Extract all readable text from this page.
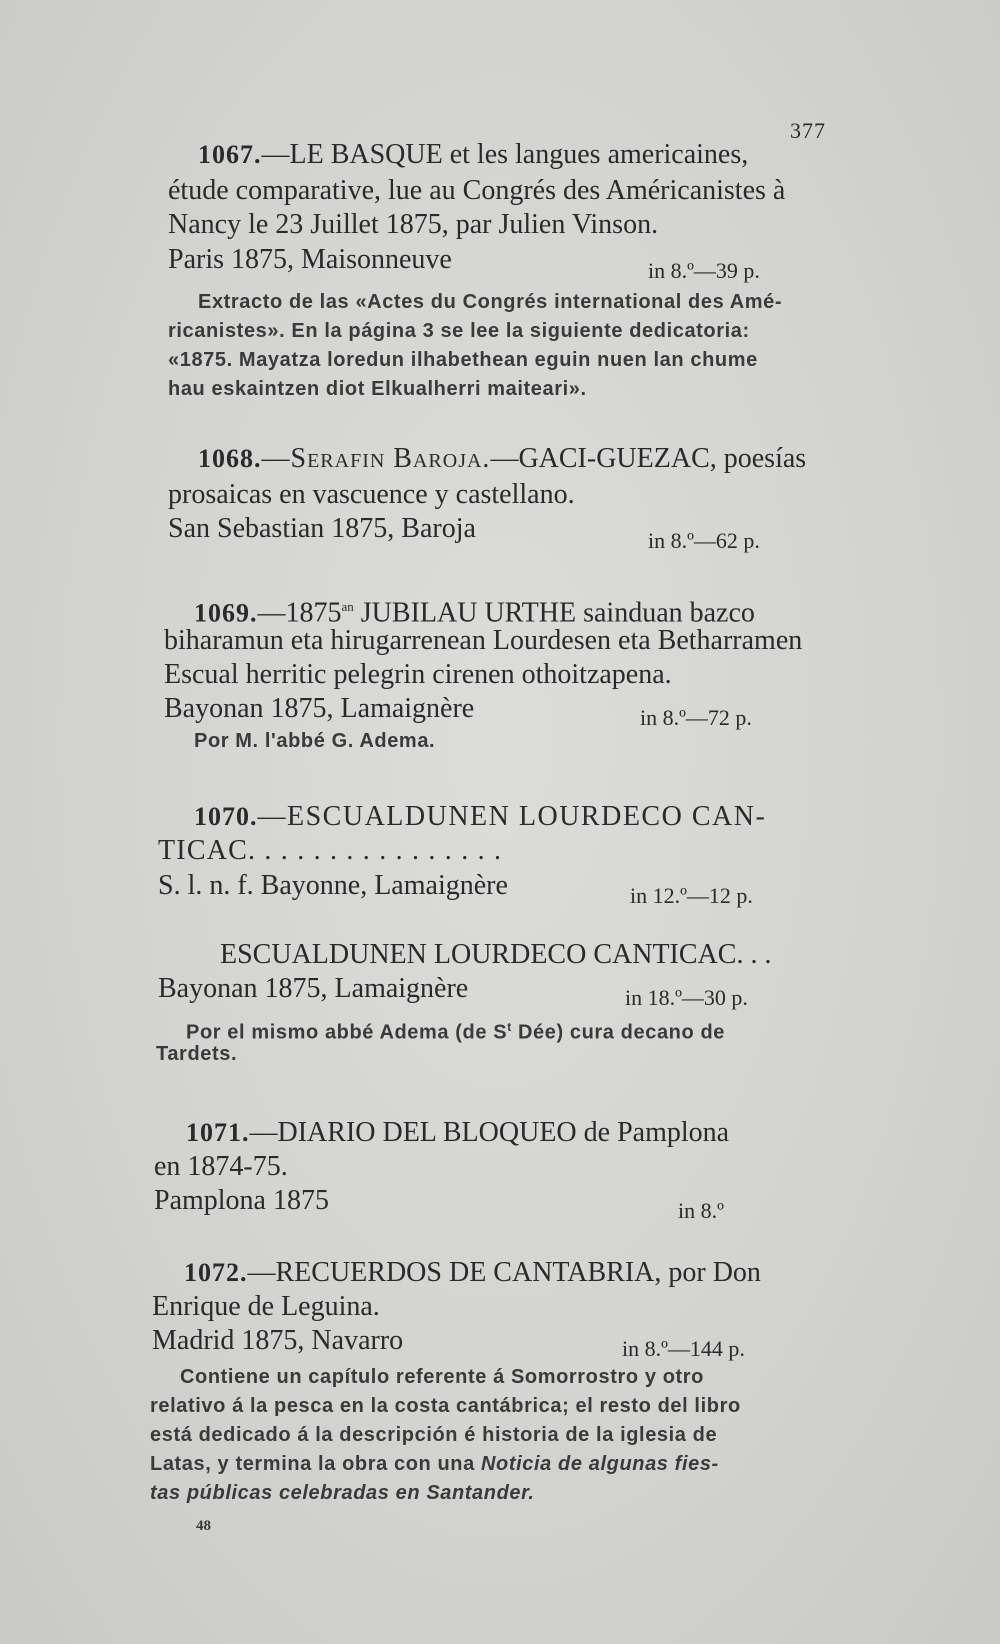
377
1067.—LE BASQUE et les langues americaines,
étude comparative, lue au Congrés des Américanistes à
Nancy le 23 Juillet 1875, par Julien Vinson.
Paris 1875, Maisonneuve	in 8.º—39 p.
Extracto de las «Actes du Congrés international des Amé-
ricanistes». En la página 3 se lee la siguiente dedicatoria:
«1875. Mayatza loredun ilhabethean eguin nuen lan chume
hau eskaintzen diot Elkualherri maiteari».
1068.—Serafin Baroja.—GACI-GUEZAC, poesías
prosaicas en vascuence y castellano.
San Sebastian 1875, Baroja	in 8.º—62 p.
$1069.—1875^{an}$ JUBILAU URTHE sainduan bazco
biharamun eta hirugarrenean Lourdesen eta Betharramen
Escual herritic pelegrin cirenen othoitzapena.
Bayonan 1875, Lamaignère	in 8.º—72 p.
Por M. l'abbé G. Adema.
1070.—ESCUALDUNEN LOURDECO CAN-
TICAC. . . . . . . . . . . . . . . .
S. l. n. f. Bayonne, Lamaignère	in 12.º—12 p.
ESCUALDUNEN LOURDECO CANTICAC. . .
Bayonan 1875, Lamaignère	in 18.º—30 p.
Por el mismo abbé Adema (de $S^t$ Dée) cura decano de
Tardets.
1071.—DIARIO DEL BLOQUEO de Pamplona
en 1874-75.
Pamplona 1875	in 8.º
1072.—RECUERDOS DE CANTABRIA, por Don
Enrique de Leguina.
Madrid 1875, Navarro	in 8.º—144 p.
Contiene un capítulo referente á Somorrostro y otro
relativo á la pesca en la costa cantábrica; el resto del libro
está dedicado á la descripción é historia de la iglesia de
Latas, y termina la obra con una Noticia de algunas fies-
tas públicas celebradas en Santander.
48
